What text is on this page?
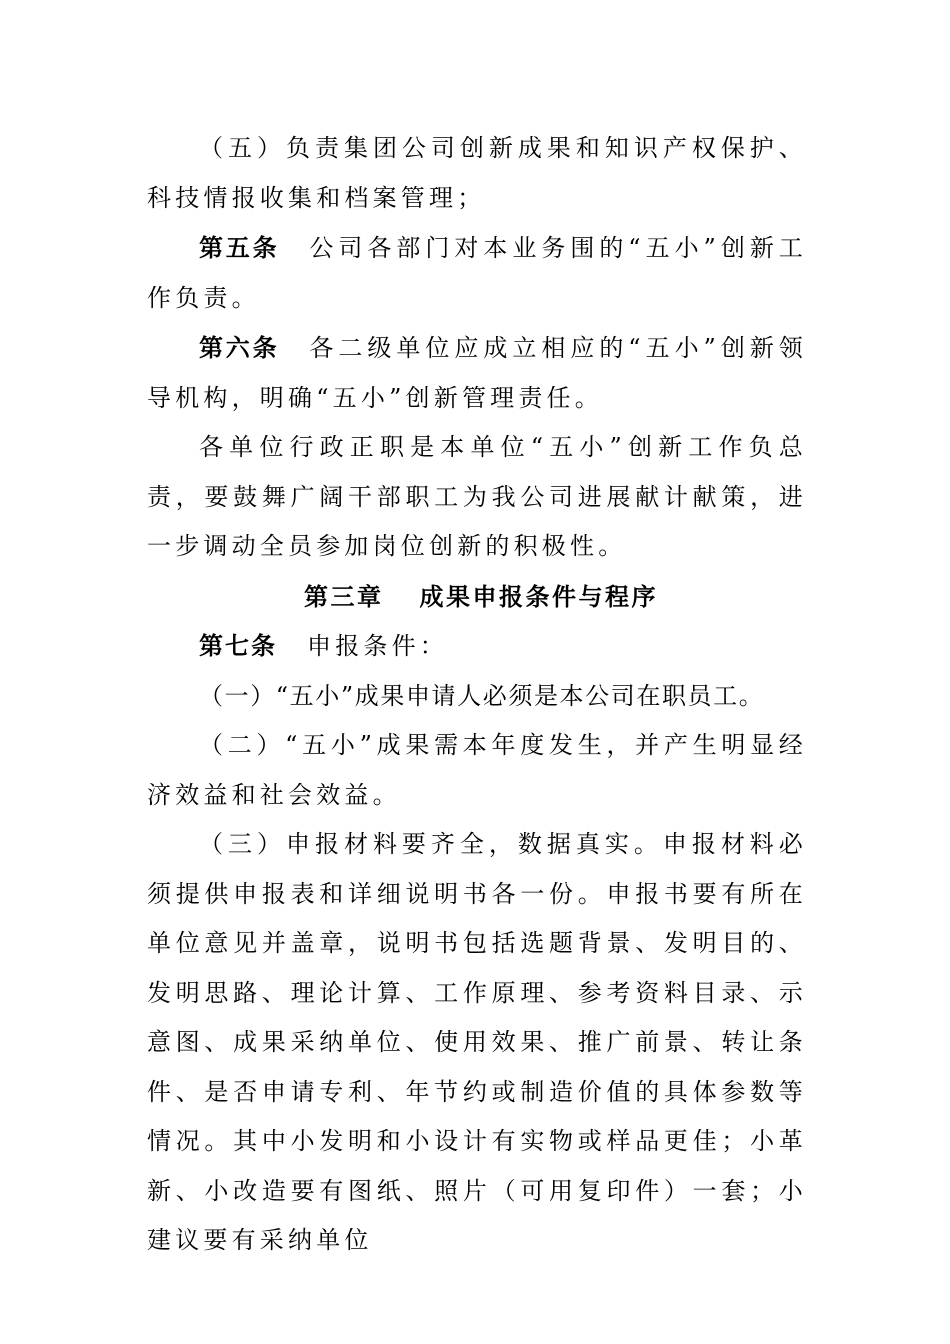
（五）负责集团公司创新成果和知识产权保护、科技情报收集和档案管理；

第五条 公司各部门对本业务围的“五小”创新工作负责。

第六条 各二级单位应成立相应的“五小”创新领导机构，明确“五小”创新管理责任。

各单位行政正职是本单位“五小”创新工作负总责，要鼓舞广阔干部职工为我公司进展献计献策，进一步调动全员参加岗位创新的积极性。

第三章 成果申报条件与程序

第七条 申报条件：

（一）“五小”成果申请人必须是本公司在职员工。

（二）“五小”成果需本年度发生，并产生明显经济效益和社会效益。

（三）申报材料要齐全，数据真实。申报材料必须提供申报表和详细说明书各一份。申报书要有所在单位意见并盖章，说明书包括选题背景、发明目的、发明思路、理论计算、工作原理、参考资料目录、示意图、成果采纳单位、使用效果、推广前景、转让条件、是否申请专利、年节约或制造价值的具体参数等情况。其中小发明和小设计有实物或样品更佳；小革新、小改造要有图纸、照片（可用复印件）一套；小建议要有采纳单位
